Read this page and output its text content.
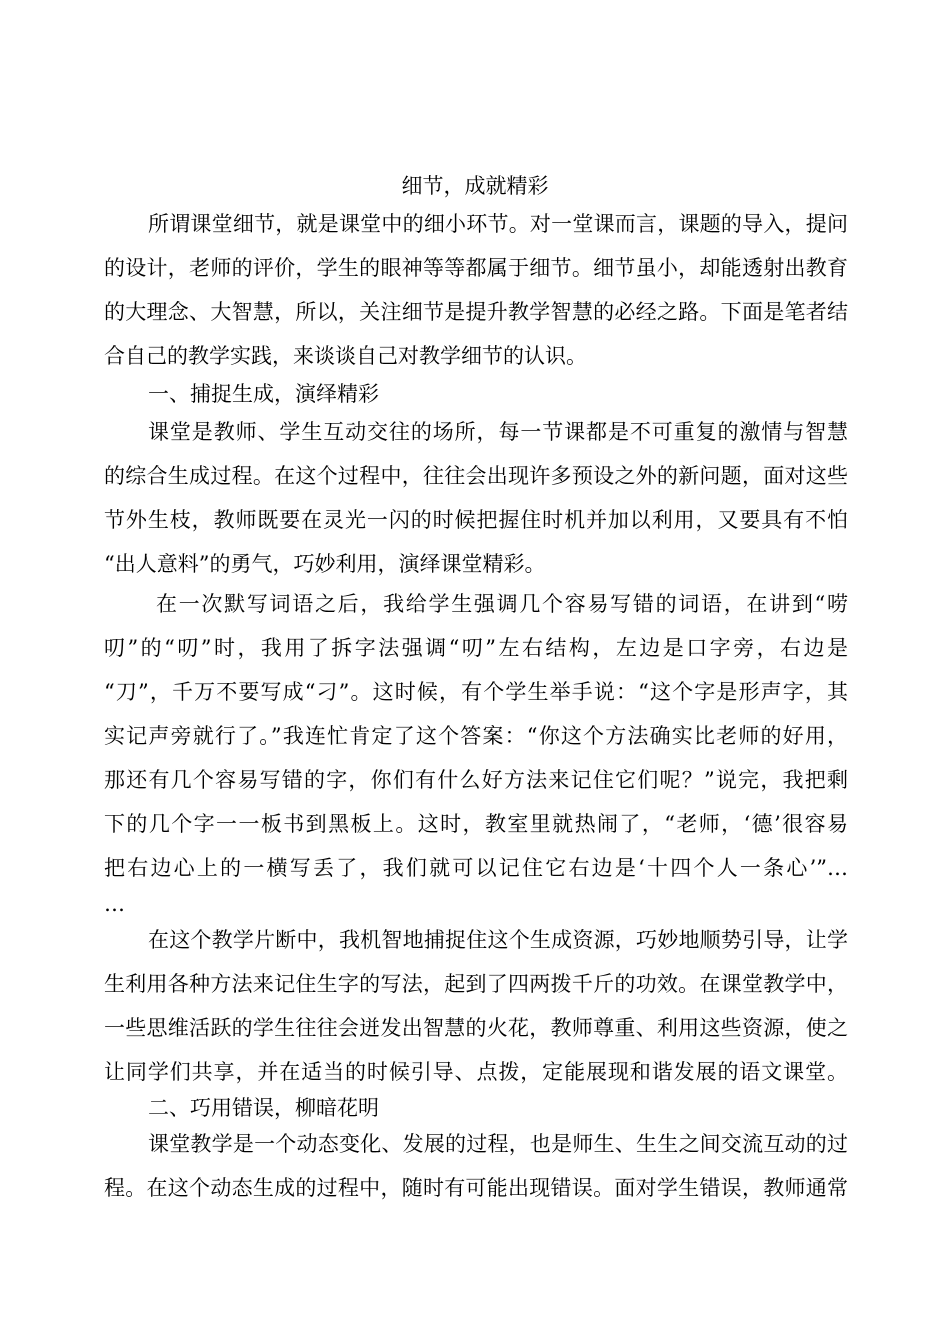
细节，成就精彩
所谓课堂细节，就是课堂中的细小环节。对一堂课而言，课题的导入，提问
的设计，老师的评价，学生的眼神等等都属于细节。细节虽小，却能透射出教育
的大理念、大智慧，所以，关注细节是提升教学智慧的必经之路。下面是笔者结
合自己的教学实践，来谈谈自己对教学细节的认识。
一、捕捉生成，演绎精彩
课堂是教师、学生互动交往的场所，每一节课都是不可重复的激情与智慧
的综合生成过程。在这个过程中，往往会出现许多预设之外的新问题，面对这些
节外生枝，教师既要在灵光一闪的时候把握住时机并加以利用，又要具有不怕
“出人意料”的勇气，巧妙利用，演绎课堂精彩。
在一次默写词语之后，我给学生强调几个容易写错的词语，在讲到“唠
叨”的“叨”时，我用了拆字法强调“叨”左右结构，左边是口字旁，右边是
“刀”，千万不要写成“刁”。这时候，有个学生举手说：“这个字是形声字，其
实记声旁就行了。”我连忙肯定了这个答案：“你这个方法确实比老师的好用，
那还有几个容易写错的字，你们有什么好方法来记住它们呢？”说完，我把剩
下的几个字一一板书到黑板上。这时，教室里就热闹了，“老师，‘德’很容易
把右边心上的一横写丢了，我们就可以记住它右边是‘十四个人一条心’”…
…
在这个教学片断中，我机智地捕捉住这个生成资源，巧妙地顺势引导，让学
生利用各种方法来记住生字的写法，起到了四两拨千斤的功效。在课堂教学中，
一些思维活跃的学生往往会迸发出智慧的火花，教师尊重、利用这些资源，使之
让同学们共享，并在适当的时候引导、点拨，定能展现和谐发展的语文课堂。
二、巧用错误，柳暗花明
课堂教学是一个动态变化、发展的过程，也是师生、生生之间交流互动的过
程。在这个动态生成的过程中，随时有可能出现错误。面对学生错误，教师通常
